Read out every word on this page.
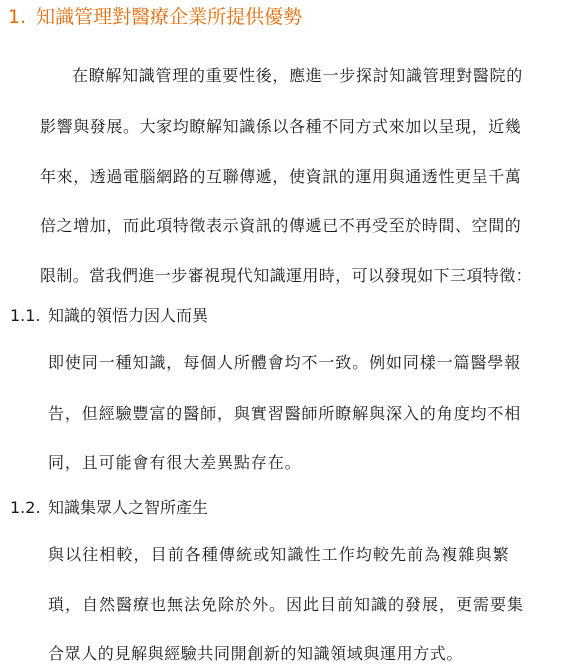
1. 知識管理對醫療企業所提供優勢
在瞭解知識管理的重要性後，應進一步探討知識管理對醫院的
影響與發展。大家均瞭解知識係以各種不同方式來加以呈現，近幾
年來，透過電腦網路的互聯傳遞，使資訊的運用與通透性更呈千萬
倍之增加，而此項特徵表示資訊的傳遞已不再受至於時間、空間的
限制。當我們進一步審視現代知識運用時，可以發現如下三項特徵：
1.1. 知識的領悟力因人而異
即使同一種知識，每個人所體會均不一致。例如同樣一篇醫學報
告，但經驗豐富的醫師，與實習醫師所瞭解與深入的角度均不相
同，且可能會有很大差異點存在。
1.2. 知識集眾人之智所產生
與以往相較，目前各種傳統或知識性工作均較先前為複雜與繁
瑣，自然醫療也無法免除於外。因此目前知識的發展，更需要集
合眾人的見解與經驗共同開創新的知識領域與運用方式。
